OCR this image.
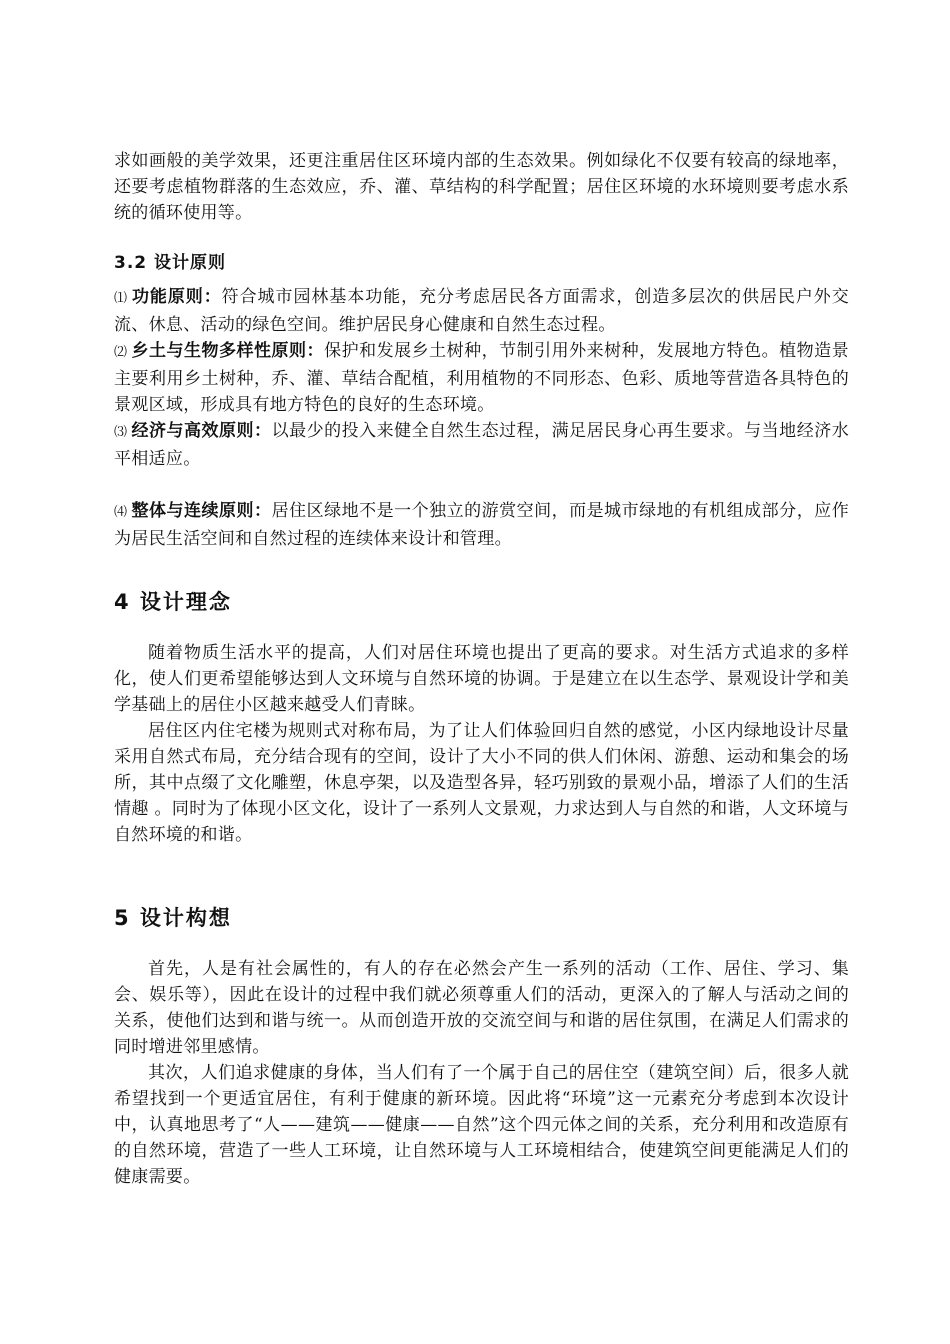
求如画般的美学效果，还更注重居住区环境内部的生态效果。例如绿化不仅要有较高的绿地率，还要考虑植物群落的生态效应，乔、灌、草结构的科学配置；居住区环境的水环境则要考虑水系统的循环使用等。

3.2 设计原则

⑴ 功能原则：符合城市园林基本功能，充分考虑居民各方面需求，创造多层次的供居民户外交流、休息、活动的绿色空间。维护居民身心健康和自然生态过程。

⑵ 乡土与生物多样性原则：保护和发展乡土树种，节制引用外来树种，发展地方特色。植物造景主要利用乡土树种，乔、灌、草结合配植，利用植物的不同形态、色彩、质地等营造各具特色的景观区域，形成具有地方特色的良好的生态环境。

⑶ 经济与高效原则：以最少的投入来健全自然生态过程，满足居民身心再生要求。与当地经济水平相适应。

⑷ 整体与连续原则：居住区绿地不是一个独立的游赏空间，而是城市绿地的有机组成部分，应作为居民生活空间和自然过程的连续体来设计和管理。

4 设计理念

随着物质生活水平的提高，人们对居住环境也提出了更高的要求。对生活方式追求的多样化，使人们更希望能够达到人文环境与自然环境的协调。于是建立在以生态学、景观设计学和美学基础上的居住小区越来越受人们青睐。

居住区内住宅楼为规则式对称布局，为了让人们体验回归自然的感觉，小区内绿地设计尽量采用自然式布局，充分结合现有的空间，设计了大小不同的供人们休闲、游憩、运动和集会的场所，其中点缀了文化雕塑，休息亭架，以及造型各异，轻巧别致的景观小品，增添了人们的生活情趣 。同时为了体现小区文化，设计了一系列人文景观，力求达到人与自然的和谐，人文环境与自然环境的和谐。

5 设计构想

首先，人是有社会属性的，有人的存在必然会产生一系列的活动（工作、居住、学习、集会、娱乐等），因此在设计的过程中我们就必须尊重人们的活动，更深入的了解人与活动之间的关系，使他们达到和谐与统一。从而创造开放的交流空间与和谐的居住氛围，在满足人们需求的同时增进邻里感情。

其次，人们追求健康的身体，当人们有了一个属于自己的居住空（建筑空间）后，很多人就希望找到一个更适宜居住，有利于健康的新环境。因此将“环境”这一元素充分考虑到本次设计中，认真地思考了“人——建筑——健康——自然”这个四元体之间的关系，充分利用和改造原有的自然环境，营造了一些人工环境，让自然环境与人工环境相结合，使建筑空间更能满足人们的健康需要。
